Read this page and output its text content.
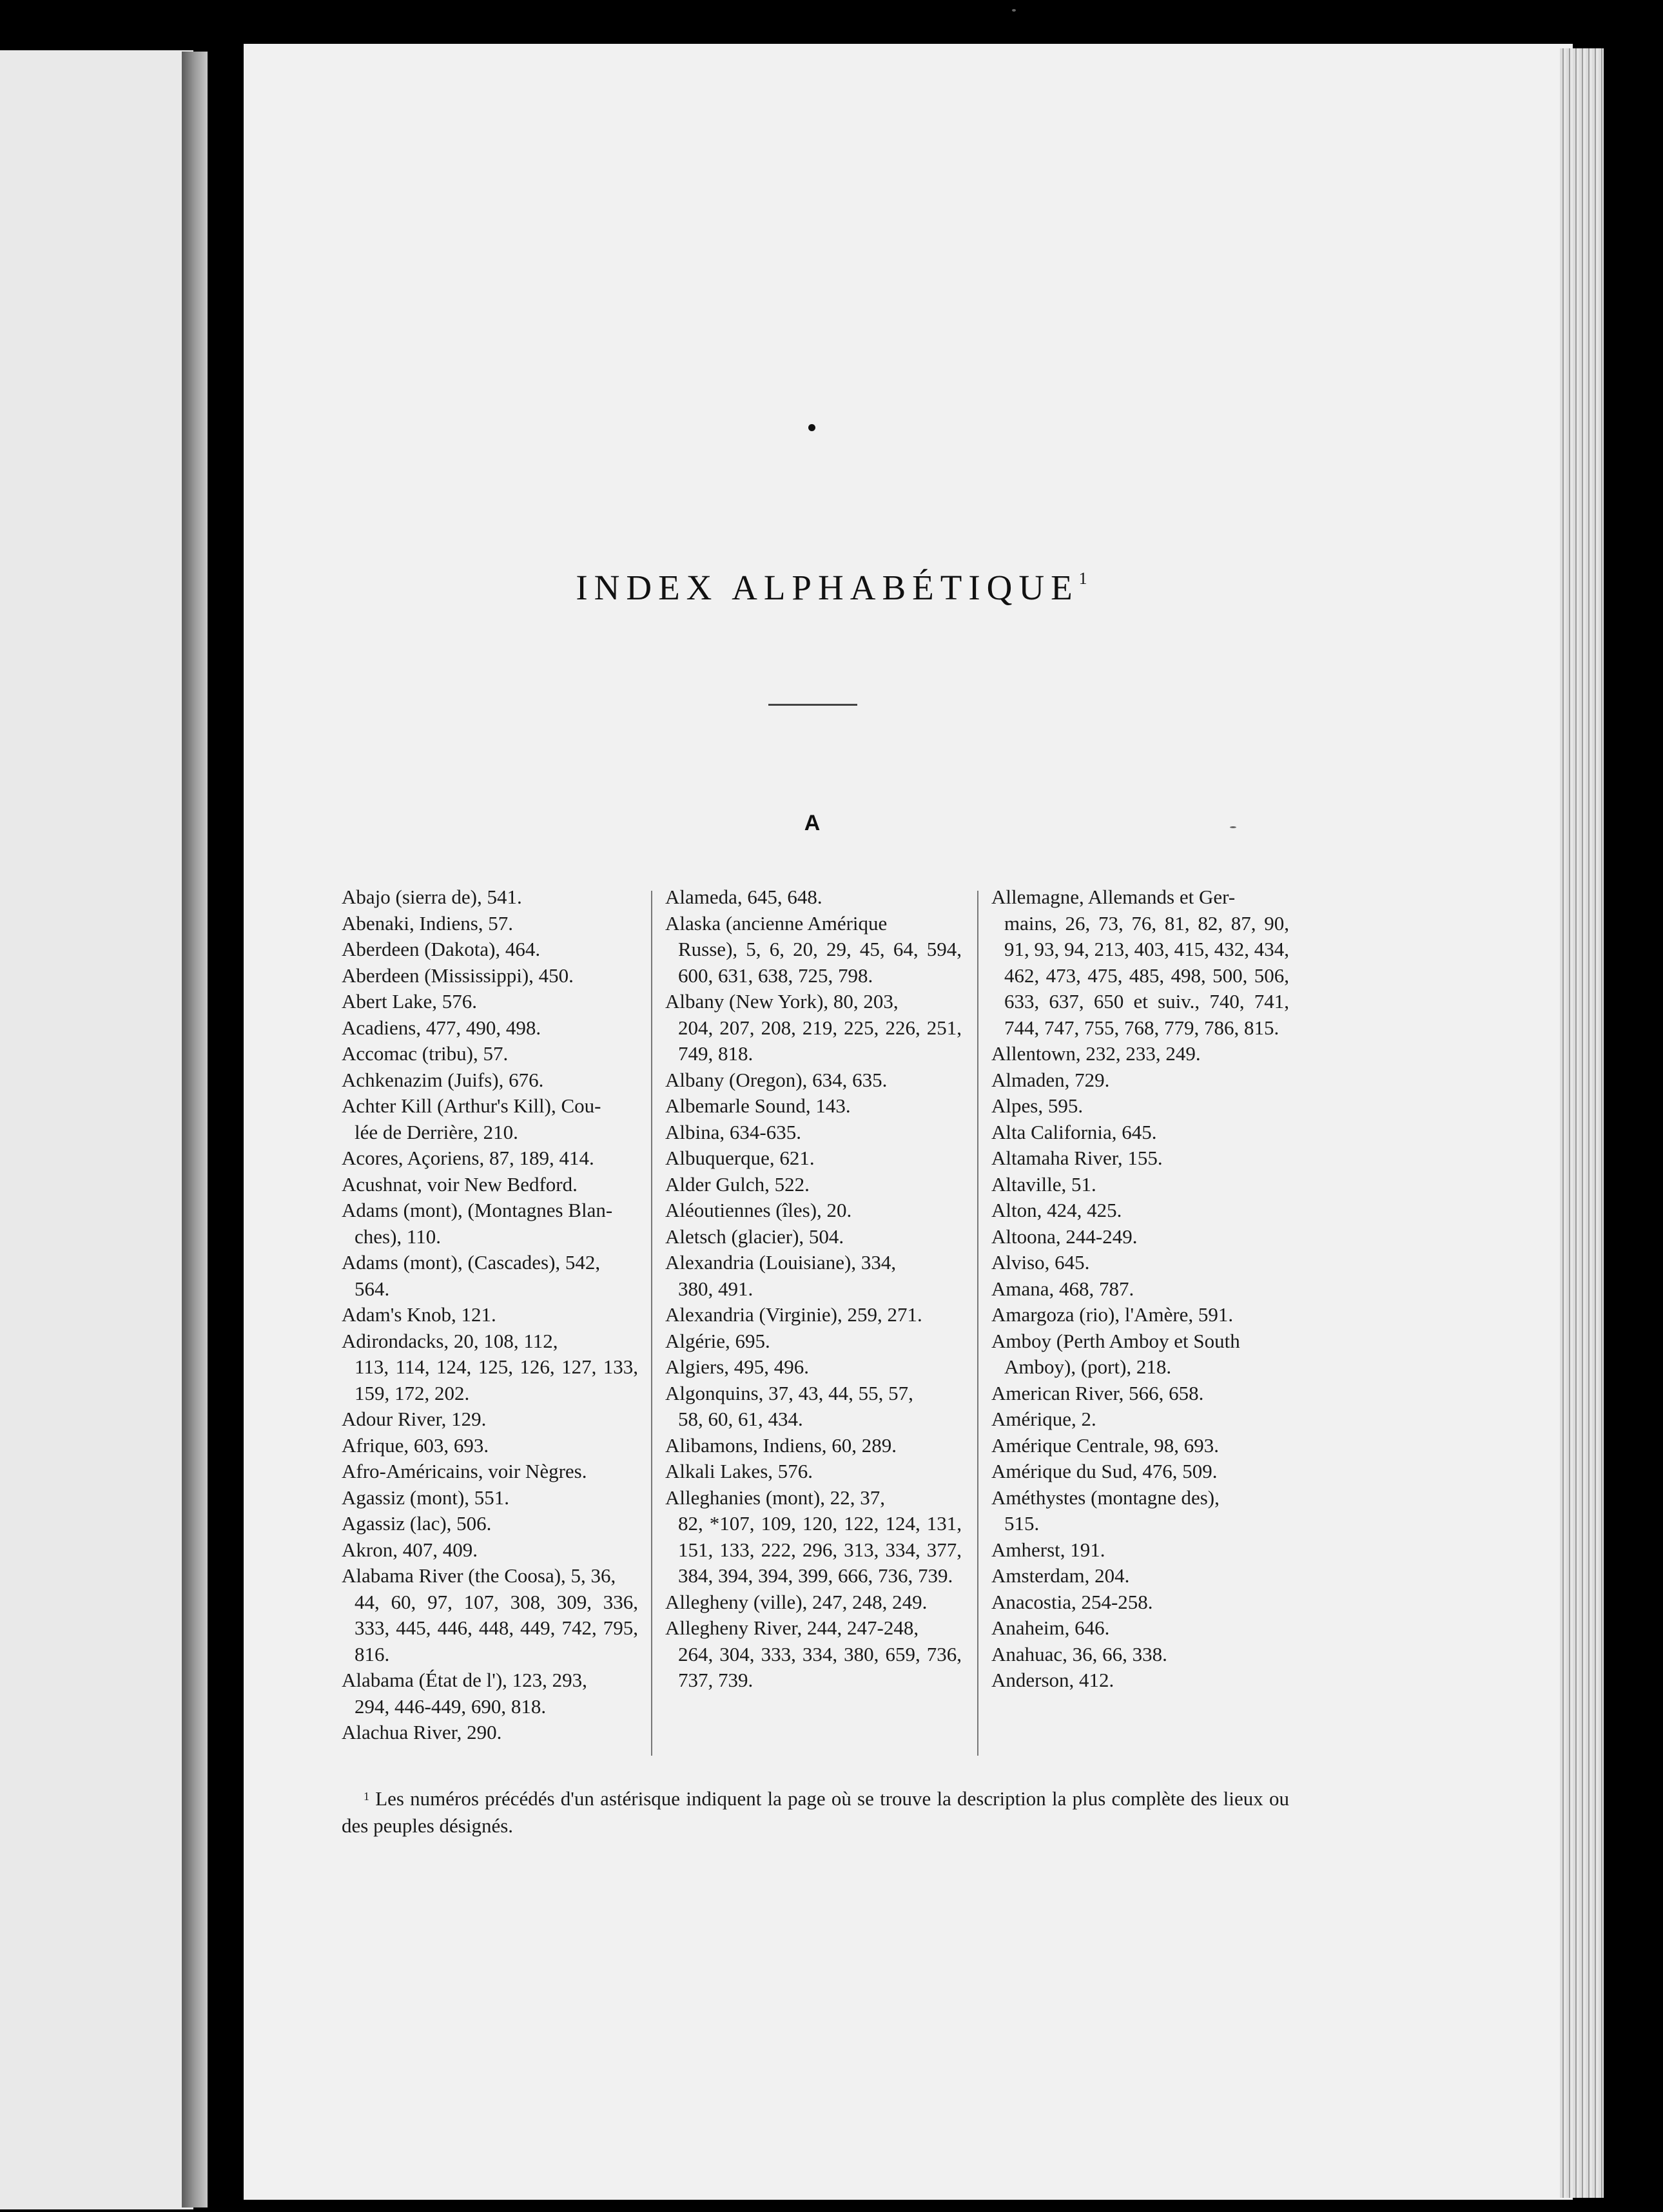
INDEX ALPHABÉTIQUE$^1$
A

Abajo (sierra de), 541.

Abenaki, Indiens, 57.

Aberdeen (Dakota), 464.

Aberdeen (Mississippi), 450.

Abert Lake, 576.

Acadiens, 477, 490, 498.

Accomac (tribu), 57.

Achkenazim (Juifs), 676.

Achter Kill (Arthur's Kill), Cou-
lée de Derrière, 210.

Acores, Açoriens, 87, 189, 414.

Acushnat, voir New Bedford.

Adams (mont), (Montagnes Blan-
ches), 110.

Adams (mont), (Cascades), 542,
564.

Adam's Knob, 121.

Adirondacks, 20, 108, 112,
113, 114, 124, 125, 126, 127, 133, 159, 172, 202.

Adour River, 129.

Afrique, 603, 693.

Afro-Américains, voir Nègres.

Agassiz (mont), 551.

Agassiz (lac), 506.

Akron, 407, 409.

Alabama River (the Coosa), 5, 36,
44, 60, 97, 107, 308, 309, 336, 333, 445, 446, 448, 449, 742, 795, 816.

Alabama (État de l'), 123, 293,
294, 446-449, 690, 818.

Alachua River, 290.

Alameda, 645, 648.

Alaska (ancienne Amérique
Russe), 5, 6, 20, 29, 45, 64, 594, 600, 631, 638, 725, 798.

Albany (New York), 80, 203,
204, 207, 208, 219, 225, 226, 251, 749, 818.

Albany (Oregon), 634, 635.

Albemarle Sound, 143.

Albina, 634-635.

Albuquerque, 621.

Alder Gulch, 522.

Aléoutiennes (îles), 20.

Aletsch (glacier), 504.

Alexandria (Louisiane), 334,
380, 491.

Alexandria (Virginie), 259, 271.

Algérie, 695.

Algiers, 495, 496.

Algonquins, 37, 43, 44, 55, 57,
58, 60, 61, 434.

Alibamons, Indiens, 60, 289.

Alkali Lakes, 576.

Alleghanies (mont), 22, 37,
82, *107, 109, 120, 122, 124, 131, 151, 133, 222, 296, 313, 334, 377, 384, 394, 394, 399, 666, 736, 739.

Allegheny (ville), 247, 248, 249.

Allegheny River, 244, 247-248,
264, 304, 333, 334, 380, 659, 736, 737, 739.

Allemagne, Allemands et Ger-
mains, 26, 73, 76, 81, 82, 87, 90, 91, 93, 94, 213, 403, 415, 432, 434, 462, 473, 475, 485, 498, 500, 506, 633, 637, 650 et suiv., 740, 741, 744, 747, 755, 768, 779, 786, 815.

Allentown, 232, 233, 249.

Almaden, 729.

Alpes, 595.

Alta California, 645.

Altamaha River, 155.

Altaville, 51.

Alton, 424, 425.

Altoona, 244-249.

Alviso, 645.

Amana, 468, 787.

Amargoza (rio), l'Amère, 591.

Amboy (Perth Amboy et South
Amboy), (port), 218.

American River, 566, 658.

Amérique, 2.

Amérique Centrale, 98, 693.

Amérique du Sud, 476, 509.

Améthystes (montagne des),
515.

Amherst, 191.

Amsterdam, 204.

Anacostia, 254-258.

Anaheim, 646.

Anahuac, 36, 66, 338.

Anderson, 412.

$^1$ Les numéros précédés d'un astérisque indiquent la page où se trouve la description la plus complète des lieux ou des peuples désignés.
